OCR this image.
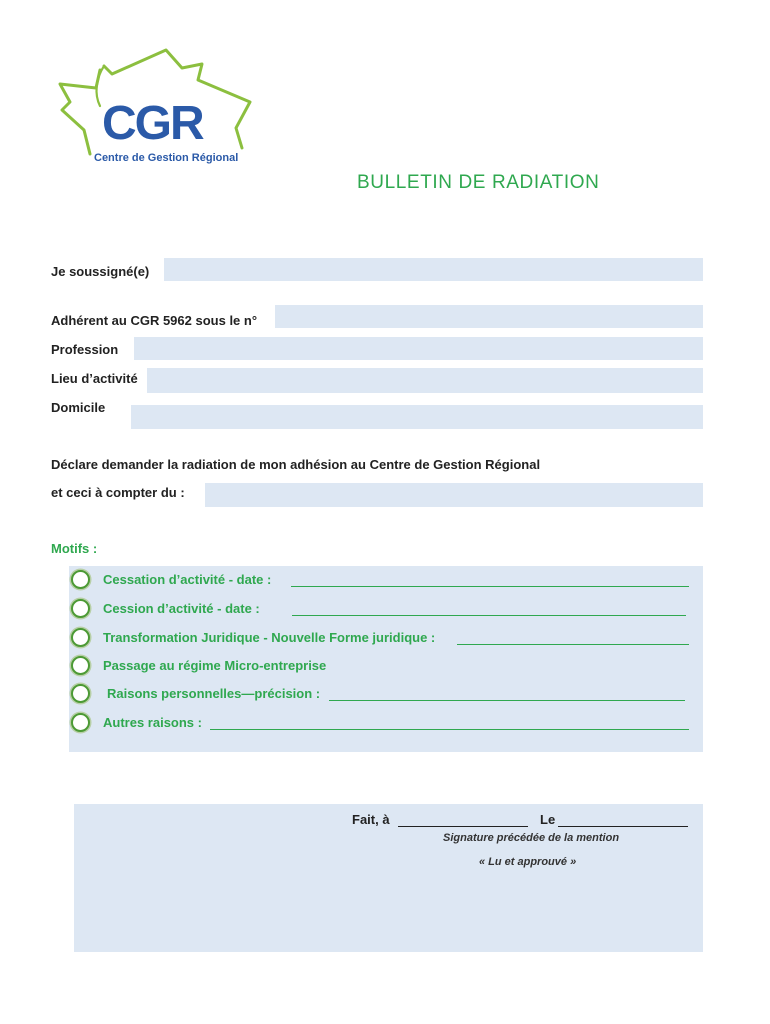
CGR
Centre de Gestion Régional
BULLETIN DE RADIATION
Je soussigné(e)
Adhérent au CGR 5962 sous le n°
Profession
Lieu d’activité
Domicile
Déclare demander la radiation de mon adhésion au Centre de Gestion Régional
et ceci à compter du :
Motifs :
Cessation d’activité - date :
Cession d’activité - date :
Transformation Juridique - Nouvelle Forme juridique :
Passage au régime Micro-entreprise
Raisons personnelles—précision :
Autres raisons :
Fait, à	Le
Signature précédée de la mention
« Lu et approuvé »
